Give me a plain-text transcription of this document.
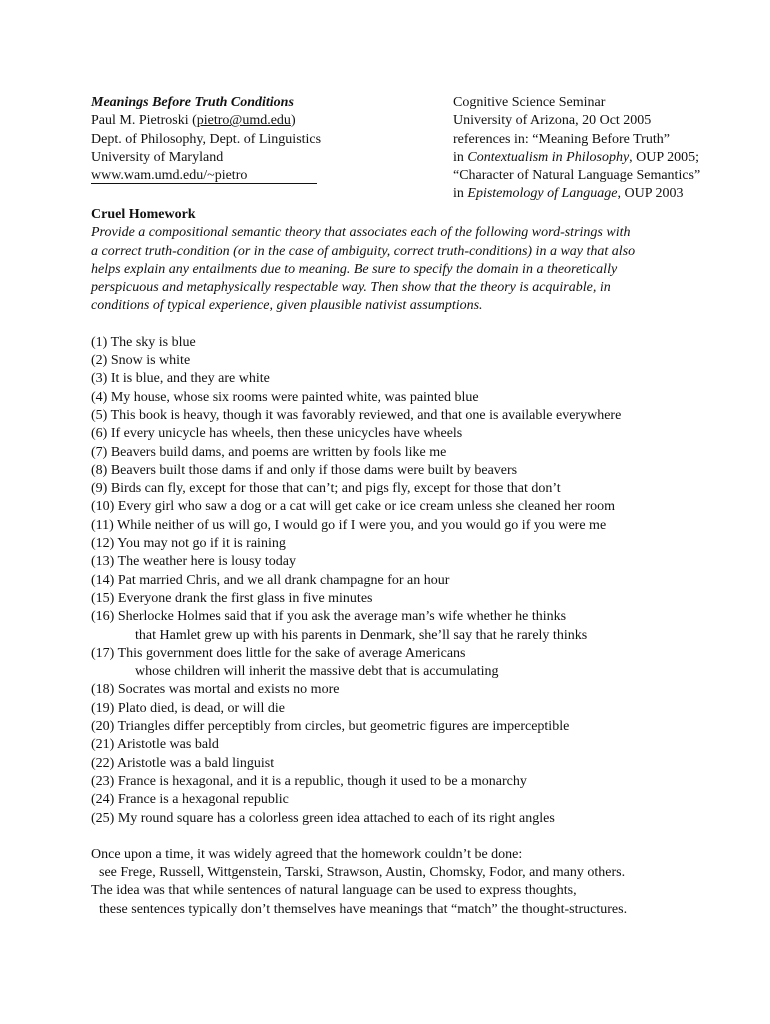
Meanings Before Truth Conditions
Paul M. Pietroski (pietro@umd.edu)
Dept. of Philosophy, Dept. of Linguistics
University of Maryland
www.wam.umd.edu/~pietro
Cognitive Science Seminar
University of Arizona, 20 Oct 2005
references in: “Meaning Before Truth”
in Contextualism in Philosophy, OUP 2005;
“Character of Natural Language Semantics”
in Epistemology of Language, OUP 2003
Cruel Homework
Provide a compositional semantic theory that associates each of the following word-strings with
a correct truth-condition (or in the case of ambiguity, correct truth-conditions) in a way that also
helps explain any entailments due to meaning. Be sure to specify the domain in a theoretically
perspicuous and metaphysically respectable way. Then show that the theory is acquirable, in
conditions of typical experience, given plausible nativist assumptions.
(1) The sky is blue
(2) Snow is white
(3) It is blue, and they are white
(4) My house, whose six rooms were painted white, was painted blue
(5) This book is heavy, though it was favorably reviewed, and that one is available everywhere
(6) If every unicycle has wheels, then these unicycles have wheels
(7) Beavers build dams, and poems are written by fools like me
(8) Beavers built those dams if and only if those dams were built by beavers
(9) Birds can fly, except for those that can’t; and pigs fly, except for those that don’t
(10) Every girl who saw a dog or a cat will get cake or ice cream unless she cleaned her room
(11) While neither of us will go, I would go if I were you, and you would go if you were me
(12) You may not go if it is raining
(13) The weather here is lousy today
(14) Pat married Chris, and we all drank champagne for an hour
(15) Everyone drank the first glass in five minutes
(16) Sherlocke Holmes said that if you ask the average man’s wife whether he thinks
that Hamlet grew up with his parents in Denmark, she’ll say that he rarely thinks
(17) This government does little for the sake of average Americans
whose children will inherit the massive debt that is accumulating
(18) Socrates was mortal and exists no more
(19) Plato died, is dead, or will die
(20) Triangles differ perceptibly from circles, but geometric figures are imperceptible
(21) Aristotle was bald
(22) Aristotle was a bald linguist
(23) France is hexagonal, and it is a republic, though it used to be a monarchy
(24) France is a hexagonal republic
(25) My round square has a colorless green idea attached to each of its right angles
Once upon a time, it was widely agreed that the homework couldn’t be done:
see Frege, Russell, Wittgenstein, Tarski, Strawson, Austin, Chomsky, Fodor, and many others.
The idea was that while sentences of natural language can be used to express thoughts,
these sentences typically don’t themselves have meanings that “match” the thought-structures.
